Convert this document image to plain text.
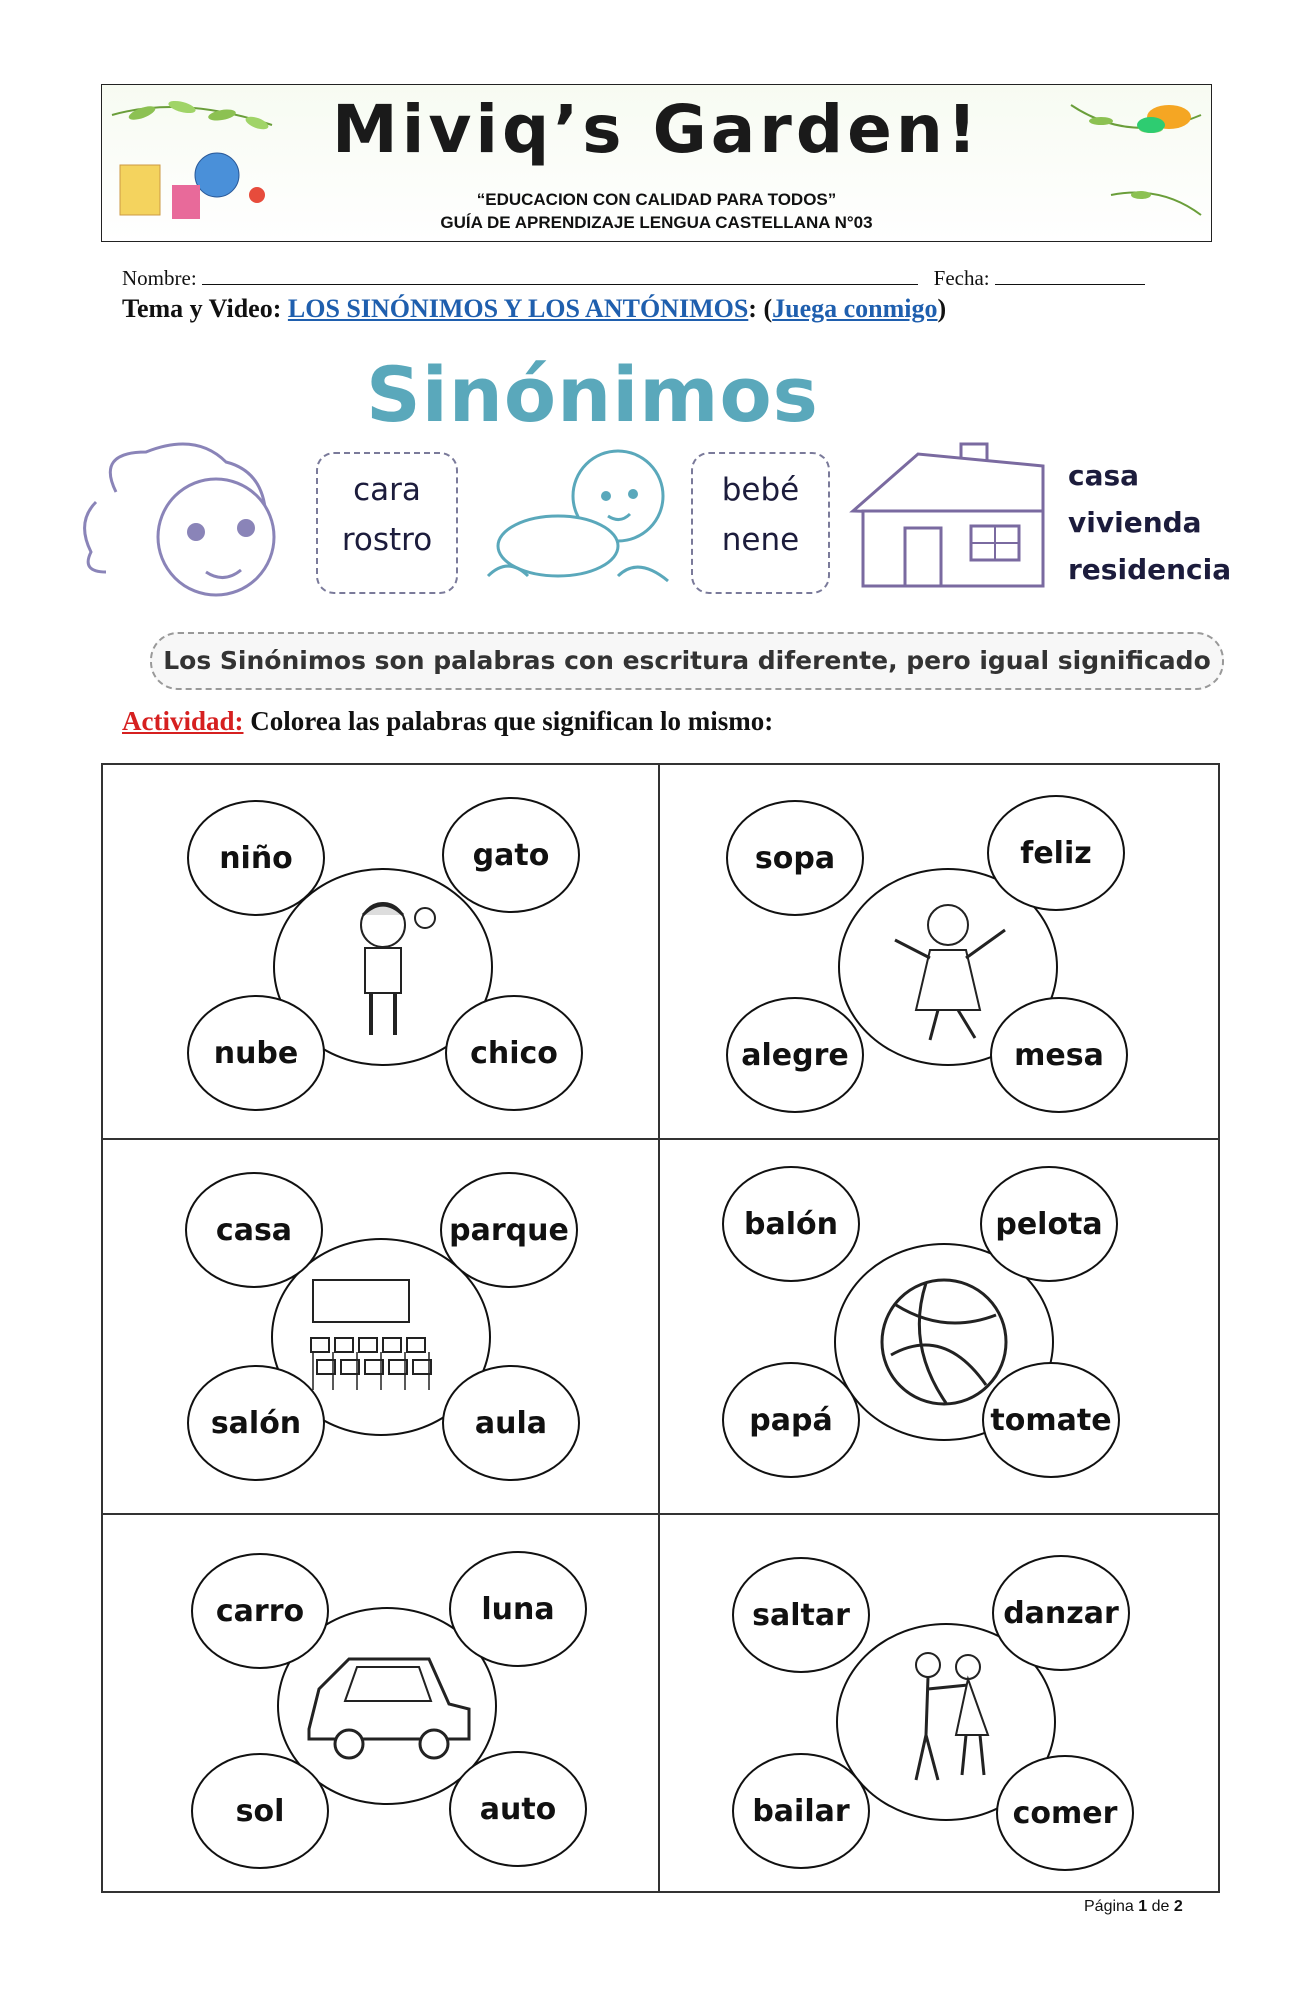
Miviq’s Garden!
“EDUCACION CON CALIDAD PARA TODOS”
GUÍA DE APRENDIZAJE LENGUA CASTELLANA N°03
Nombre:	Fecha:
Tema y Video: LOS SINÓNIMOS Y LOS ANTÓNIMOS: (Juega conmigo)
Sinónimos
cara
rostro
bebé
nene
casa
vivienda
residencia
Los Sinónimos son palabras con escritura diferente, pero igual significado
Actividad: Colorea las palabras que significan lo mismo:
niño	gato
nube	chico
sopa	feliz
alegre	mesa
casa	parque
salón	aula
balón	pelota
papá	tomate
carro	luna
sol	auto
saltar	danzar
bailar	comer
Página 1 de 2
